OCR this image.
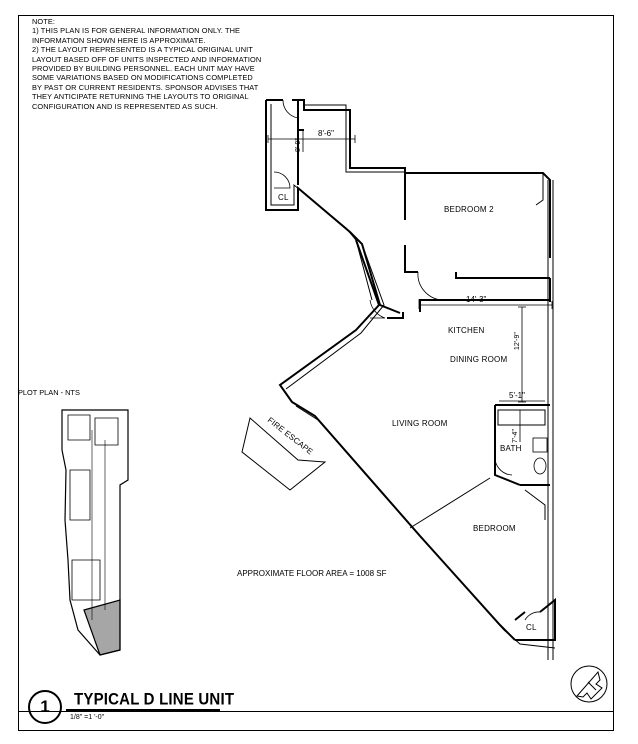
NOTE:
1) THIS PLAN IS FOR GENERAL INFORMATION ONLY. THE INFORMATION SHOWN HERE IS APPROXIMATE.
2) THE LAYOUT REPRESENTED IS A TYPICAL ORIGINAL UNIT LAYOUT BASED OFF OF UNITS INSPECTED AND INFORMATION PROVIDED BY BUILDING PERSONNEL. EACH UNIT MAY HAVE SOME VARIATIONS BASED ON MODIFICATIONS COMPLETED BY PAST OR CURRENT RESIDENTS. SPONSOR ADVISES THAT THEY ANTICIPATE RETURNING THE LAYOUTS TO ORIGINAL CONFIGURATION AND IS REPRESENTED AS SUCH.
PLOT PLAN - NTS
BEDROOM 2
KITCHEN
DINING ROOM
LIVING ROOM
BATH
BEDROOM
CL
CL
FIRE ESCAPE
8'-6"
8'-9"
14'-3"
12'-9"
5'-1"
7'-4"
APPROXIMATE FLOOR AREA = 1008 SF
1	TYPICAL D LINE UNIT
1/8" =1 '-0"
